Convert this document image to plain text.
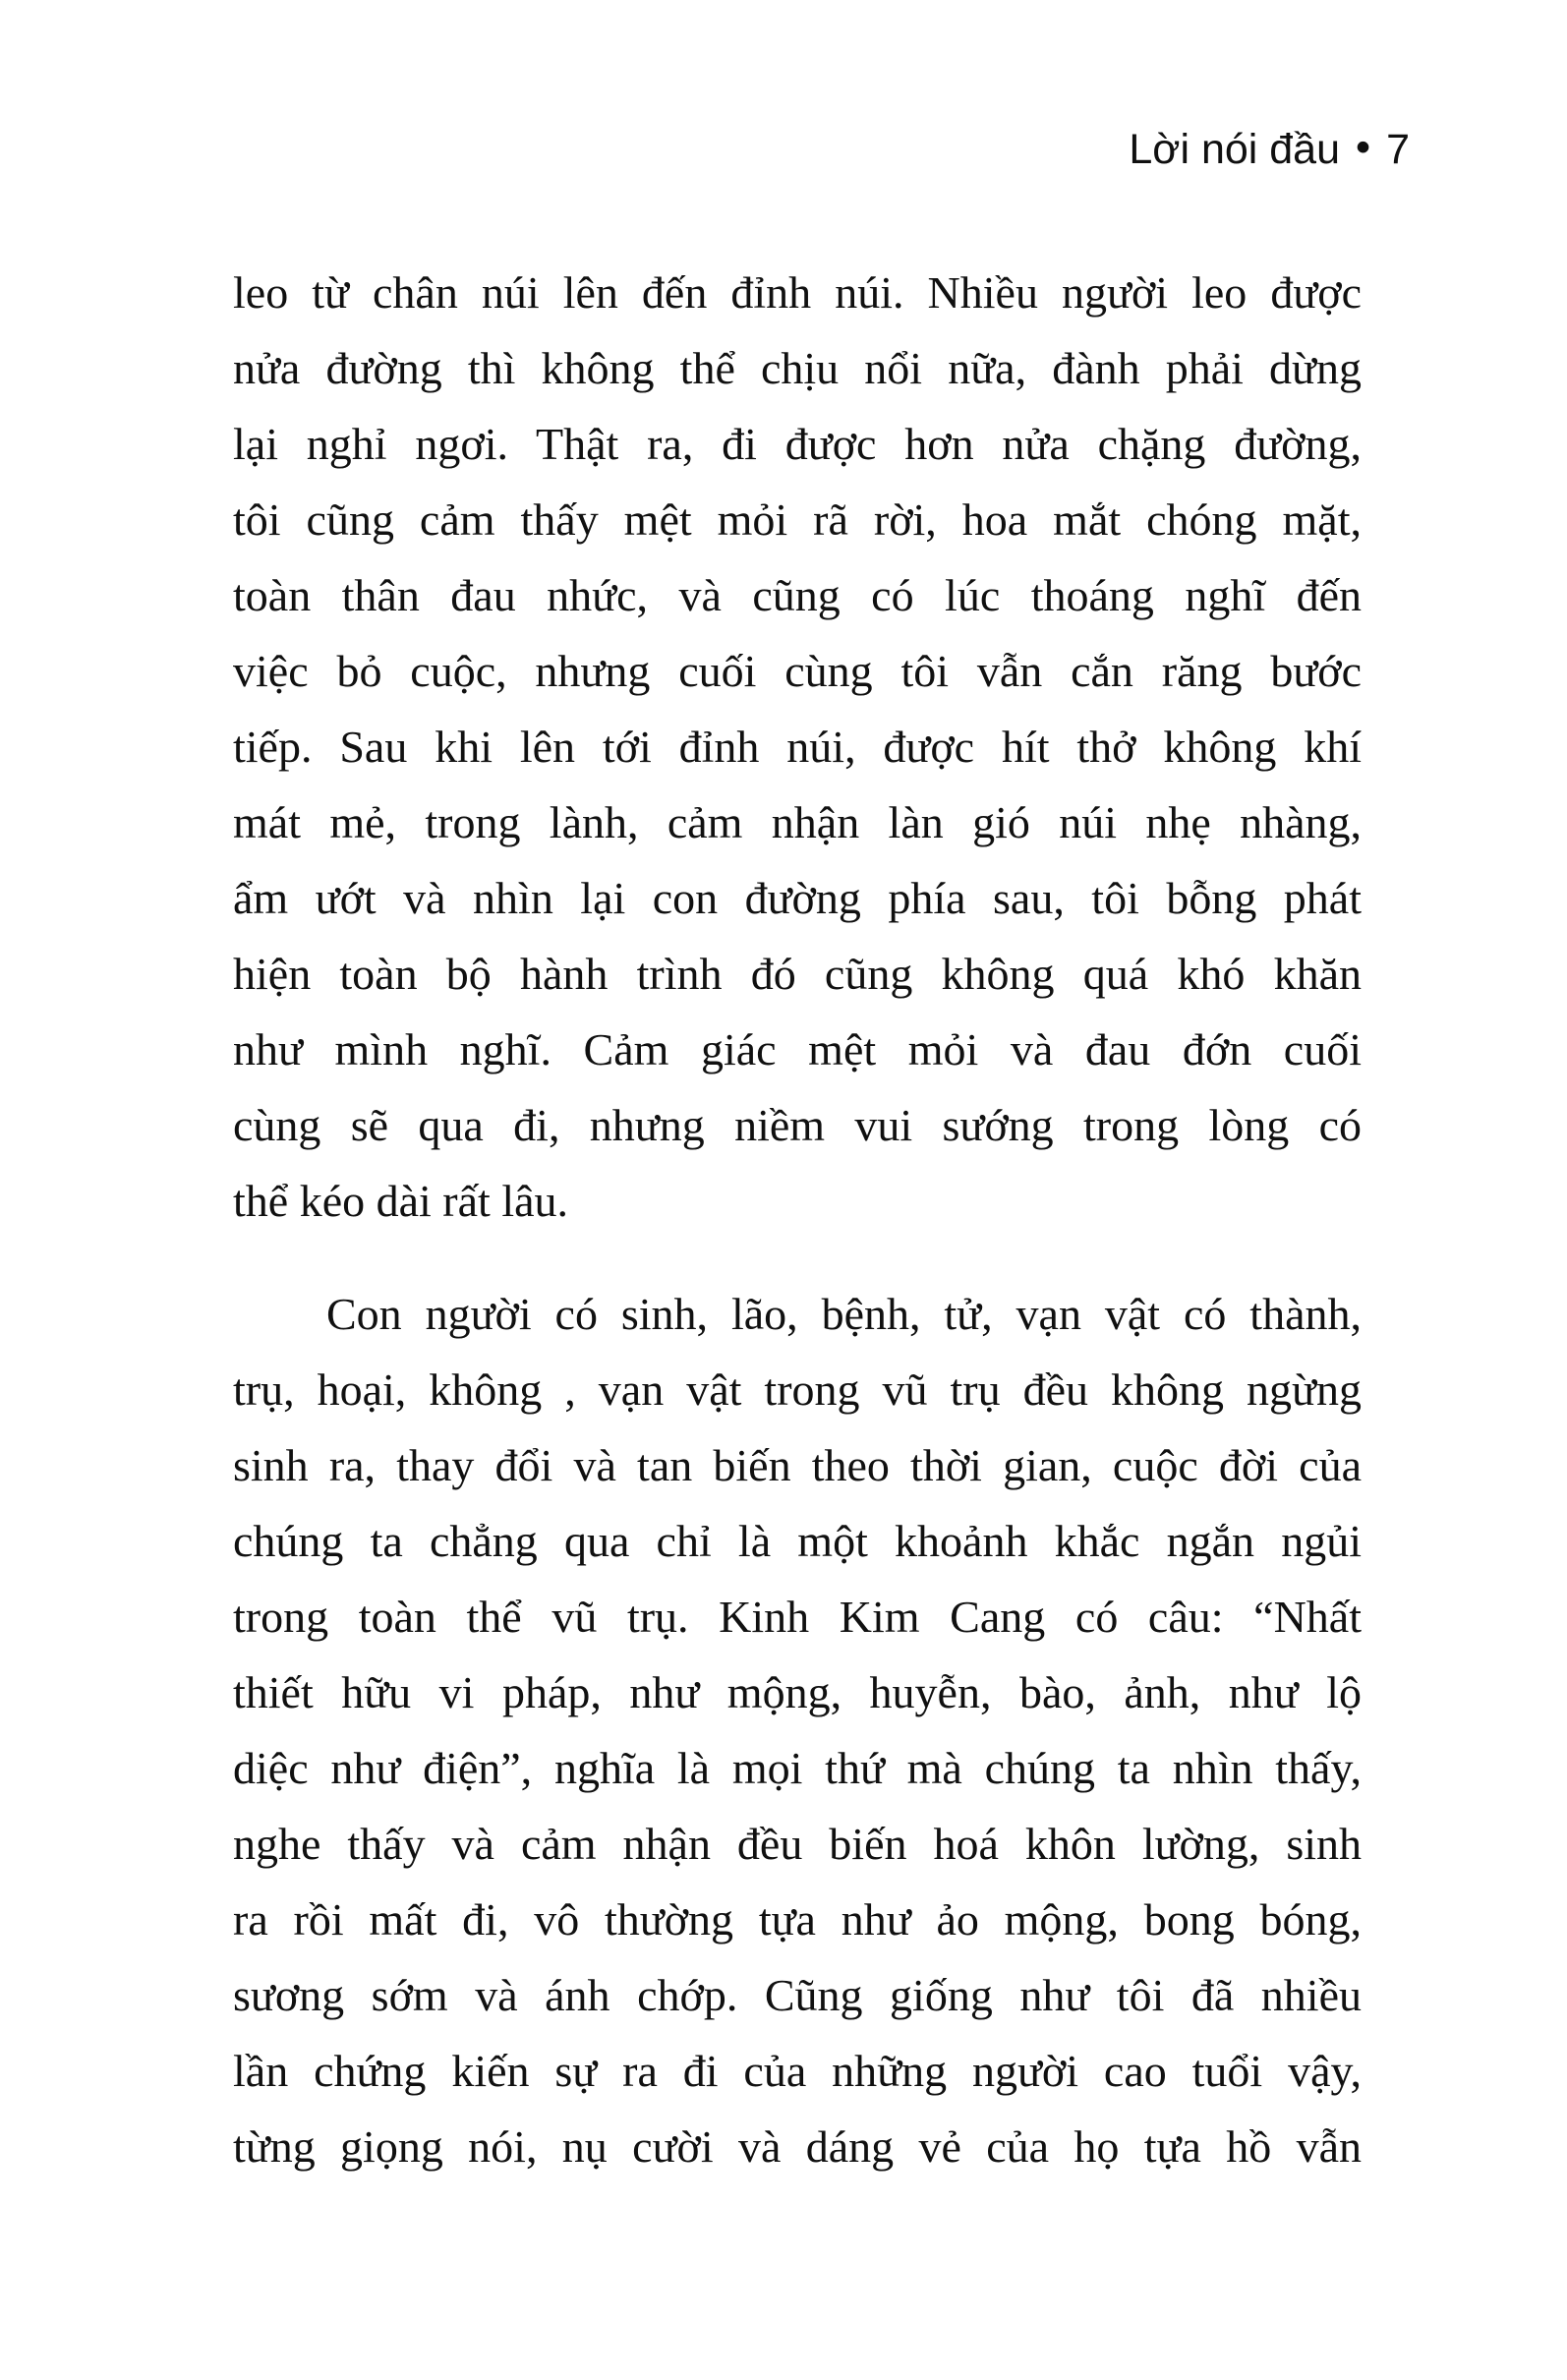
Lời nói đầu • 7
leo từ chân núi lên đến đỉnh núi. Nhiều người leo được
nửa đường thì không thể chịu nổi nữa, đành phải dừng
lại nghỉ ngơi. Thật ra, đi được hơn nửa chặng đường,
tôi cũng cảm thấy mệt mỏi rã rời, hoa mắt chóng mặt,
toàn thân đau nhức, và cũng có lúc thoáng nghĩ đến
việc bỏ cuộc, nhưng cuối cùng tôi vẫn cắn răng bước
tiếp. Sau khi lên tới đỉnh núi, được hít thở không khí
mát mẻ, trong lành, cảm nhận làn gió núi nhẹ nhàng,
ẩm ướt và nhìn lại con đường phía sau, tôi bỗng phát
hiện toàn bộ hành trình đó cũng không quá khó khăn
như mình nghĩ. Cảm giác mệt mỏi và đau đớn cuối
cùng sẽ qua đi, nhưng niềm vui sướng trong lòng có
thể kéo dài rất lâu.
Con người có sinh, lão, bệnh, tử, vạn vật có thành,
trụ, hoại, không , vạn vật trong vũ trụ đều không ngừng
sinh ra, thay đổi và tan biến theo thời gian, cuộc đời của
chúng ta chẳng qua chỉ là một khoảnh khắc ngắn ngủi
trong toàn thể vũ trụ. Kinh Kim Cang có câu: “Nhất
thiết hữu vi pháp, như mộng, huyễn, bào, ảnh, như lộ
diệc như điện”, nghĩa là mọi thứ mà chúng ta nhìn thấy,
nghe thấy và cảm nhận đều biến hoá khôn lường, sinh
ra rồi mất đi, vô thường tựa như ảo mộng, bong bóng,
sương sớm và ánh chớp. Cũng giống như tôi đã nhiều
lần chứng kiến sự ra đi của những người cao tuổi vậy,
từng giọng nói, nụ cười và dáng vẻ của họ tựa hồ vẫn
